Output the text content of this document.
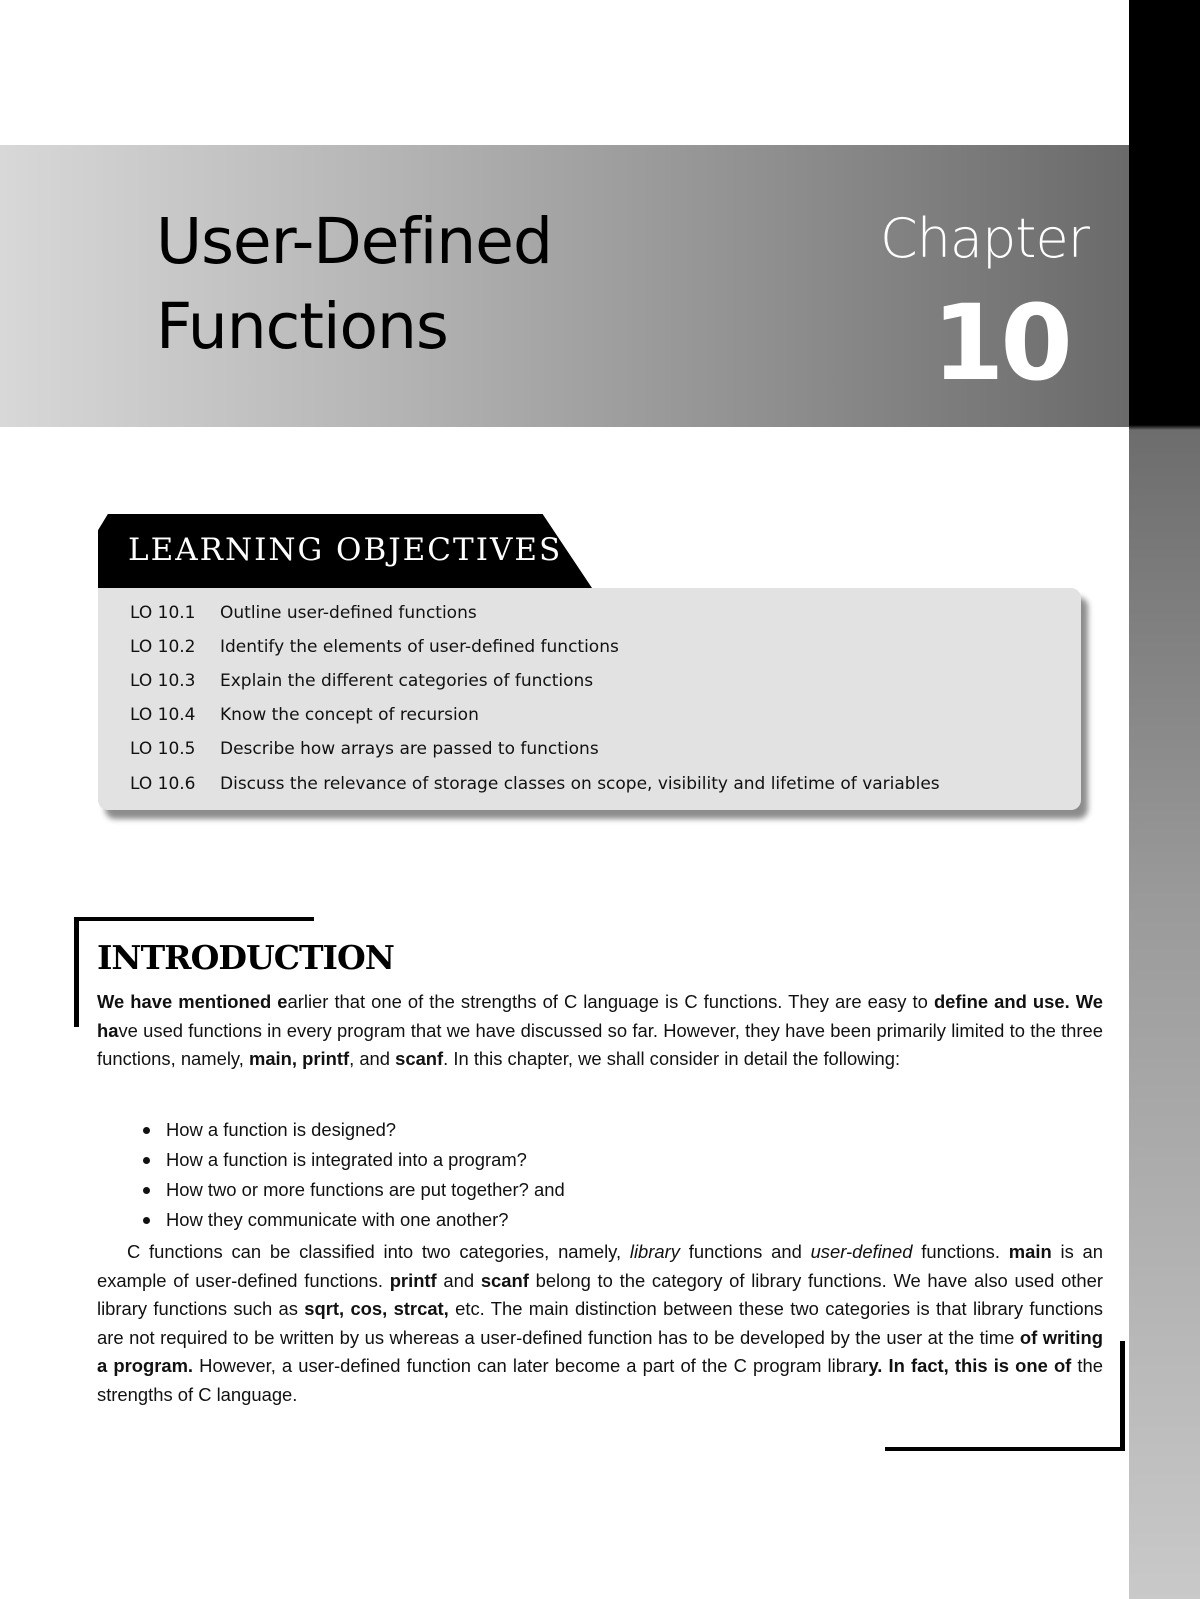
User-Defined
Functions
Chapter
10
LEARNING OBJECTIVES
LO 10.1 Outline user-defined functions
LO 10.2 Identify the elements of user-defined functions
LO 10.3 Explain the different categories of functions
LO 10.4 Know the concept of recursion
LO 10.5 Describe how arrays are passed to functions
LO 10.6 Discuss the relevance of storage classes on scope, visibility and lifetime of variables
INTRODUCTION

We have mentioned earlier that one of the strengths of C language is C functions. They are easy to define and use. We have used functions in every program that we have discussed so far. However, they have been primarily limited to the three functions, namely, main, printf, and scanf. In this chapter, we shall consider in detail the following:

How a function is designed?
How a function is integrated into a program?
How two or more functions are put together? and
How they communicate with one another?

C functions can be classified into two categories, namely, library functions and user-defined functions. main is an example of user-defined functions. printf and scanf belong to the category of library functions. We have also used other library functions such as sqrt, cos, strcat, etc. The main distinction between these two categories is that library functions are not required to be written by us whereas a user-defined function has to be developed by the user at the time of writing a program. However, a user-defined function can later become a part of the C program library. In fact, this is one of the strengths of C language.
